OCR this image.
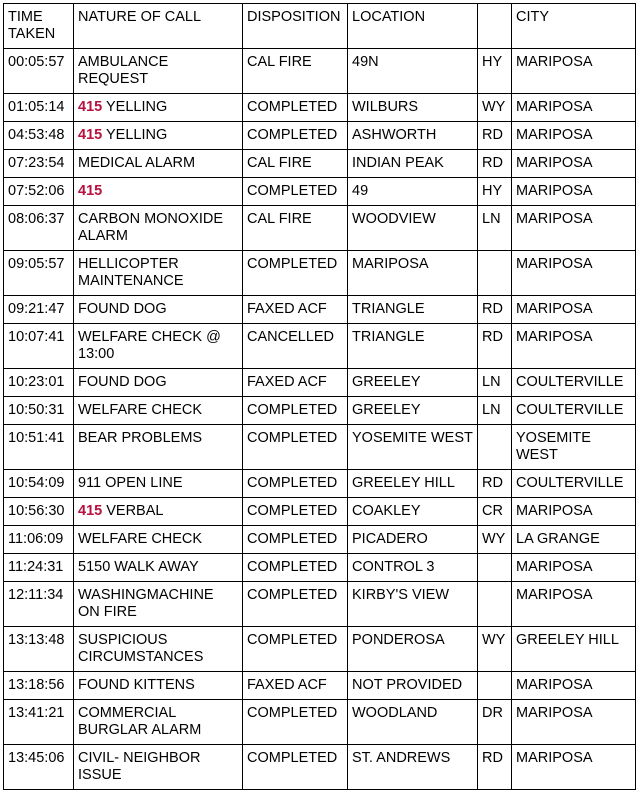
TIME TAKEN	NATURE OF CALL	DISPOSITION	LOCATION		CITY
00:05:57	AMBULANCE REQUEST	CAL FIRE	49N	HY	MARIPOSA
01:05:14	415 YELLING	COMPLETED	WILBURS	WY	MARIPOSA
04:53:48	415 YELLING	COMPLETED	ASHWORTH	RD	MARIPOSA
07:23:54	MEDICAL ALARM	CAL FIRE	INDIAN PEAK	RD	MARIPOSA
07:52:06	415	COMPLETED	49	HY	MARIPOSA
08:06:37	CARBON MONOXIDE ALARM	CAL FIRE	WOODVIEW	LN	MARIPOSA
09:05:57	HELLICOPTER MAINTENANCE	COMPLETED	MARIPOSA		MARIPOSA
09:21:47	FOUND DOG	FAXED ACF	TRIANGLE	RD	MARIPOSA
10:07:41	WELFARE CHECK @ 13:00	CANCELLED	TRIANGLE	RD	MARIPOSA
10:23:01	FOUND DOG	FAXED ACF	GREELEY	LN	COULTERVILLE
10:50:31	WELFARE CHECK	COMPLETED	GREELEY	LN	COULTERVILLE
10:51:41	BEAR PROBLEMS	COMPLETED	YOSEMITE WEST		YOSEMITE WEST
10:54:09	911 OPEN LINE	COMPLETED	GREELEY HILL	RD	COULTERVILLE
10:56:30	415 VERBAL	COMPLETED	COAKLEY	CR	MARIPOSA
11:06:09	WELFARE CHECK	COMPLETED	PICADERO	WY	LA GRANGE
11:24:31	5150 WALK AWAY	COMPLETED	CONTROL 3		MARIPOSA
12:11:34	WASHINGMACHINE ON FIRE	COMPLETED	KIRBY'S VIEW		MARIPOSA
13:13:48	SUSPICIOUS CIRCUMSTANCES	COMPLETED	PONDEROSA	WY	GREELEY HILL
13:18:56	FOUND KITTENS	FAXED ACF	NOT PROVIDED		MARIPOSA
13:41:21	COMMERCIAL BURGLAR ALARM	COMPLETED	WOODLAND	DR	MARIPOSA
13:45:06	CIVIL- NEIGHBOR ISSUE	COMPLETED	ST. ANDREWS	RD	MARIPOSA
